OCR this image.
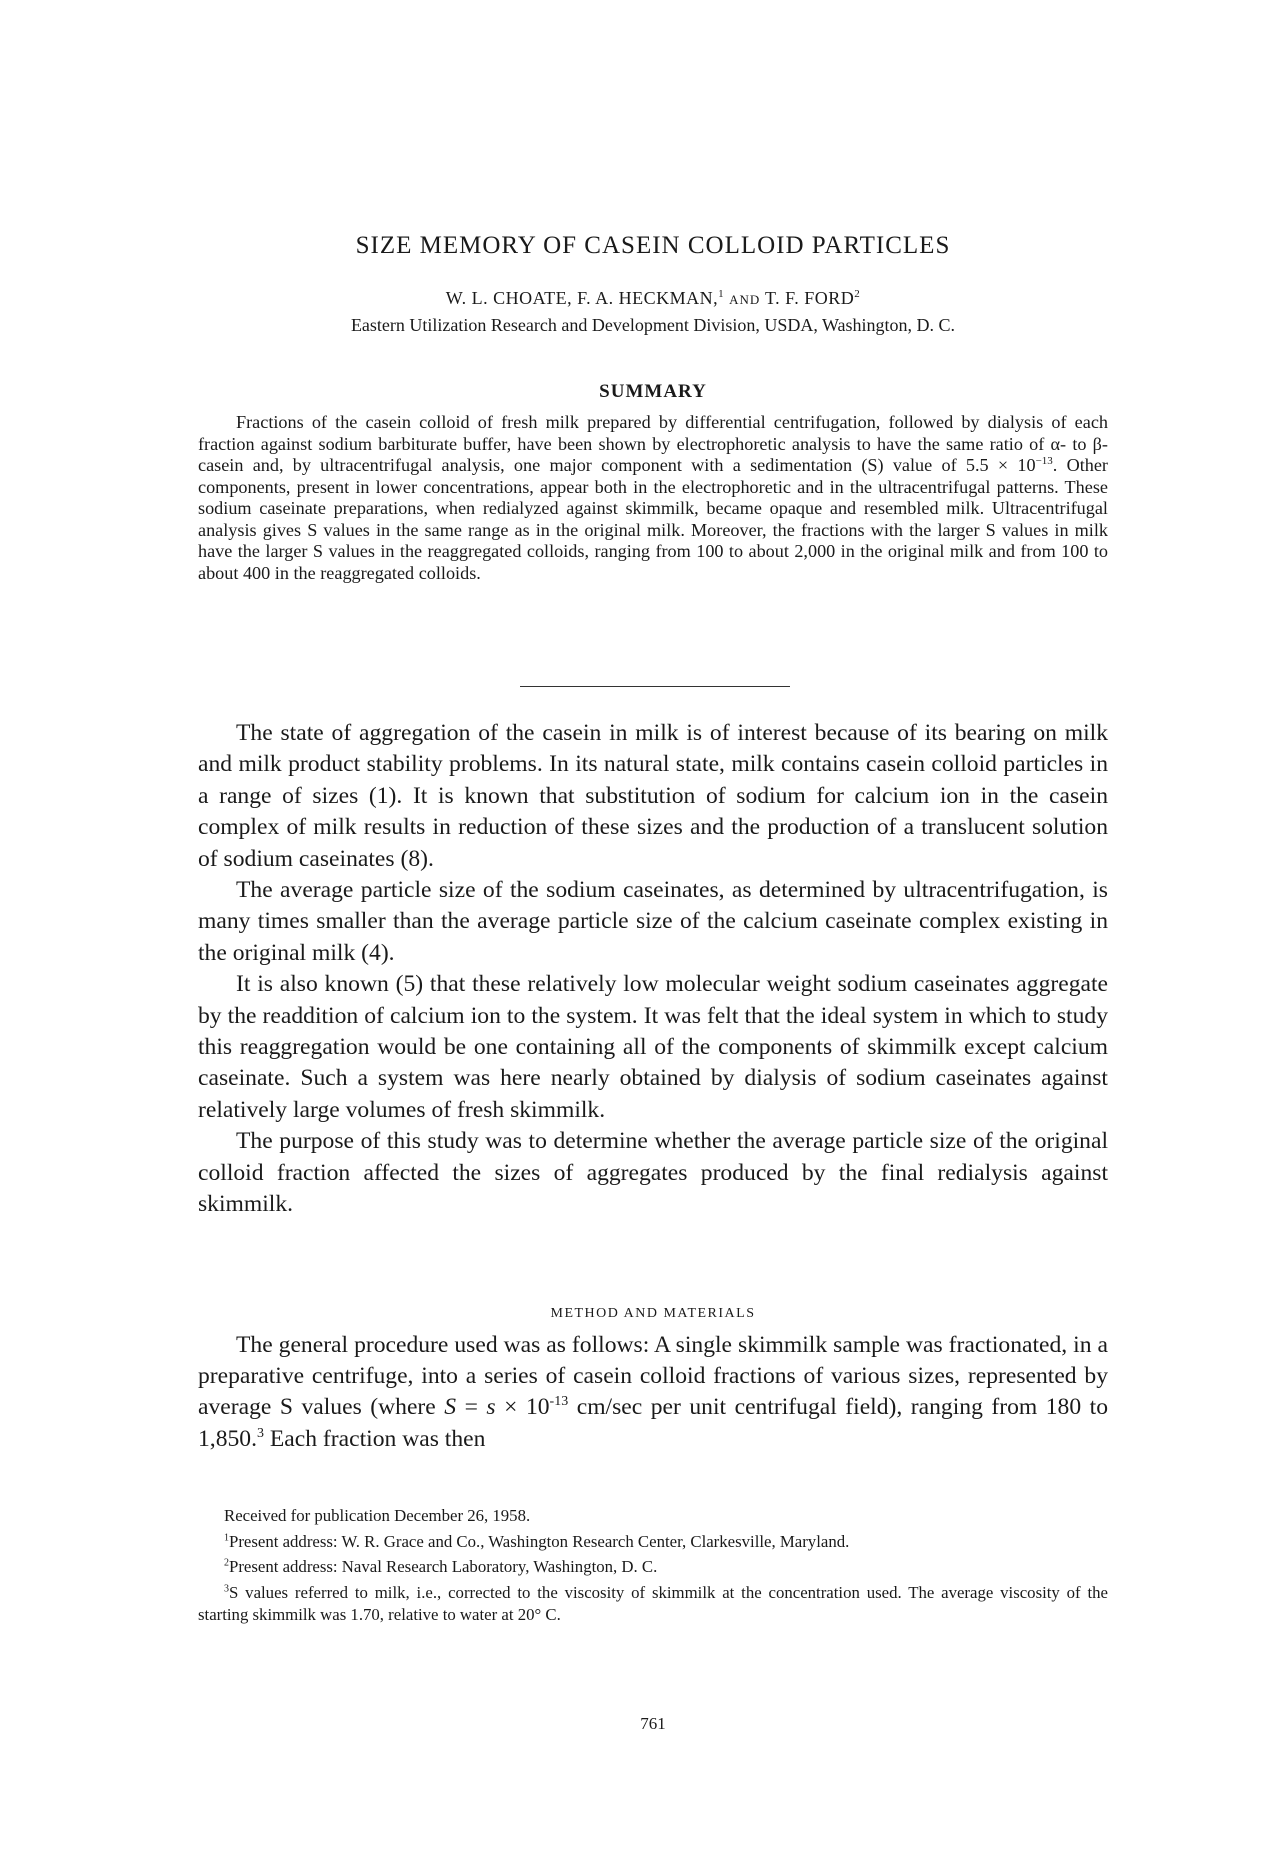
SIZE MEMORY OF CASEIN COLLOID PARTICLES
W. L. CHOATE, F. A. HECKMAN,$^1$ AND T. F. FORD$^2$
Eastern Utilization Research and Development Division, USDA, Washington, D. C.
SUMMARY

Fractions of the casein colloid of fresh milk prepared by differential centrifugation, followed by dialysis of each fraction against sodium barbiturate buffer, have been shown by electrophoretic analysis to have the same ratio of α- to β-casein and, by ultracentrifugal analysis, one major component with a sedimentation (S) value of $5.5 \times 10^{-13}$. Other components, present in lower concentrations, appear both in the electrophoretic and in the ultracentrifugal patterns. These sodium caseinate preparations, when redialyzed against skimmilk, became opaque and resembled milk. Ultracentrifugal analysis gives S values in the same range as in the original milk. Moreover, the fractions with the larger S values in milk have the larger S values in the reaggregated colloids, ranging from 100 to about 2,000 in the original milk and from 100 to about 400 in the reaggregated colloids.

The state of aggregation of the casein in milk is of interest because of its bearing on milk and milk product stability problems. In its natural state, milk contains casein colloid particles in a range of sizes (1). It is known that substitution of sodium for calcium ion in the casein complex of milk results in reduction of these sizes and the production of a translucent solution of sodium caseinates (8).

The average particle size of the sodium caseinates, as determined by ultracentrifugation, is many times smaller than the average particle size of the calcium caseinate complex existing in the original milk (4).

It is also known (5) that these relatively low molecular weight sodium caseinates aggregate by the readdition of calcium ion to the system. It was felt that the ideal system in which to study this reaggregation would be one containing all of the components of skimmilk except calcium caseinate. Such a system was here nearly obtained by dialysis of sodium caseinates against relatively large volumes of fresh skimmilk.

The purpose of this study was to determine whether the average particle size of the original colloid fraction affected the sizes of aggregates produced by the final redialysis against skimmilk.

METHOD AND MATERIALS

The general procedure used was as follows: A single skimmilk sample was fractionated, in a preparative centrifuge, into a series of casein colloid fractions of various sizes, represented by average S values (where $S = s \times 10^{-13}$ cm/sec per unit centrifugal field), ranging from 180 to 1,850.$^3$ Each fraction was then

Received for publication December 26, 1958.

$^1$Present address: W. R. Grace and Co., Washington Research Center, Clarkesville, Maryland.

$^2$Present address: Naval Research Laboratory, Washington, D. C.

$^3$S values referred to milk, i.e., corrected to the viscosity of skimmilk at the concentration used. The average viscosity of the starting skimmilk was 1.70, relative to water at 20° C.

761
